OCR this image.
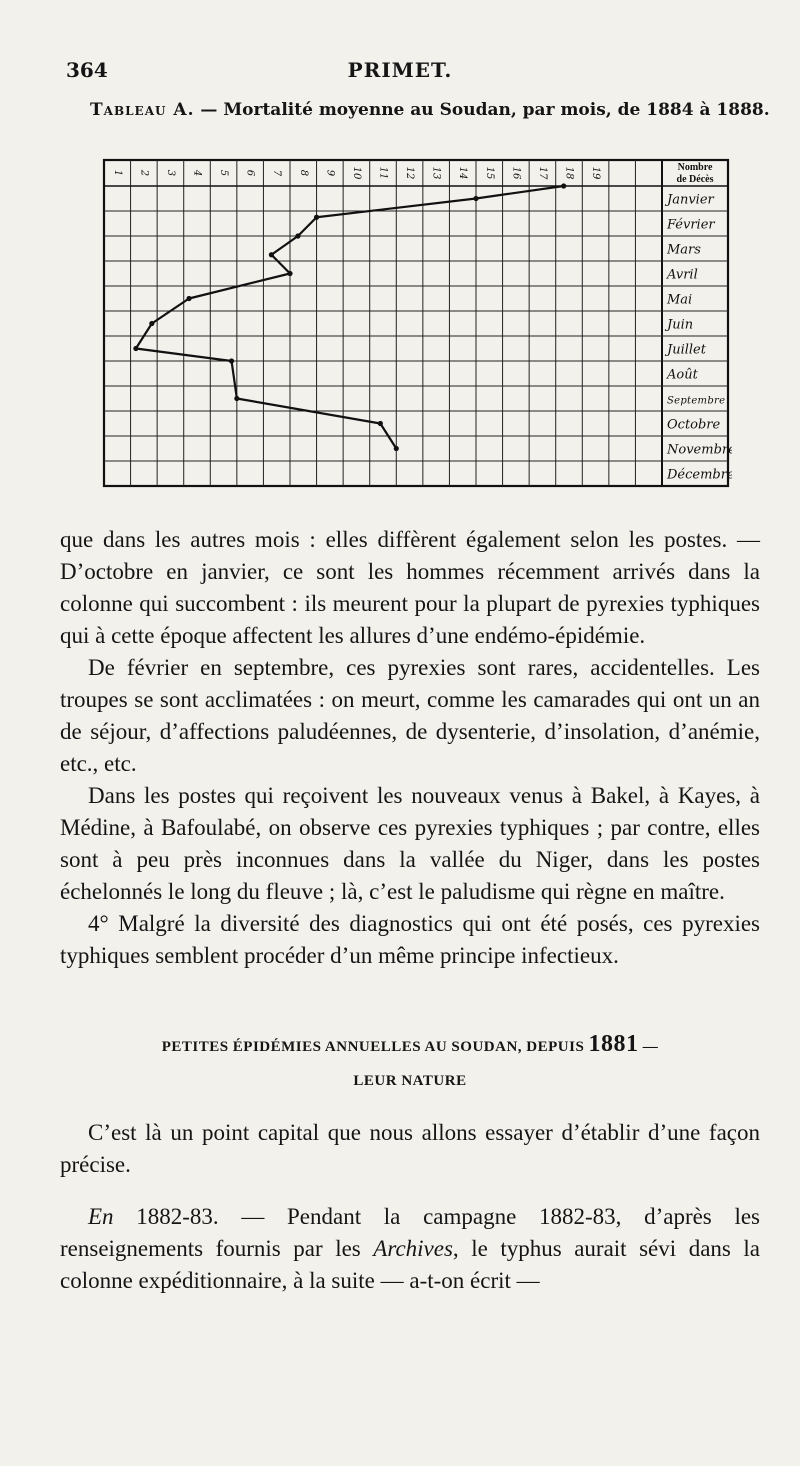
364	PRIMET.
Tableau A. — Mortalité moyenne au Soudan, par mois, de 1884 à 1888.
1 2 3 4 5 6 7 8 9 10 11 12 13 14 15 16 17 18 19	Nombre
de Décès
Janvier
Février
Mars
Avril
Mai
Juin
Juillet
Août
Septembre
Octobre
Novembre
Décembre

que dans les autres mois : elles diffèrent également selon les postes. — D’octobre en janvier, ce sont les hommes récemment arrivés dans la colonne qui succombent : ils meurent pour la plupart de pyrexies typhiques qui à cette époque affectent les allures d’une endémo-épidémie.

De février en septembre, ces pyrexies sont rares, accidentelles. Les troupes se sont acclimatées : on meurt, comme les camarades qui ont un an de séjour, d’affections paludéennes, de dysenterie, d’insolation, d’anémie, etc., etc.

Dans les postes qui reçoivent les nouveaux venus à Bakel, à Kayes, à Médine, à Bafoulabé, on observe ces pyrexies typhiques ; par contre, elles sont à peu près inconnues dans la vallée du Niger, dans les postes échelonnés le long du fleuve ; là, c’est le paludisme qui règne en maître.

4° Malgré la diversité des diagnostics qui ont été posés, ces pyrexies typhiques semblent procéder d’un même principe infectieux.

PETITES ÉPIDÉMIES ANNUELLES AU SOUDAN, DEPUIS 1881 —
LEUR NATURE

C’est là un point capital que nous allons essayer d’établir d’une façon précise.

En 1882-83. — Pendant la campagne 1882-83, d’après les renseignements fournis par les Archives, le typhus aurait sévi dans la colonne expéditionnaire, à la suite — a-t-on écrit —
